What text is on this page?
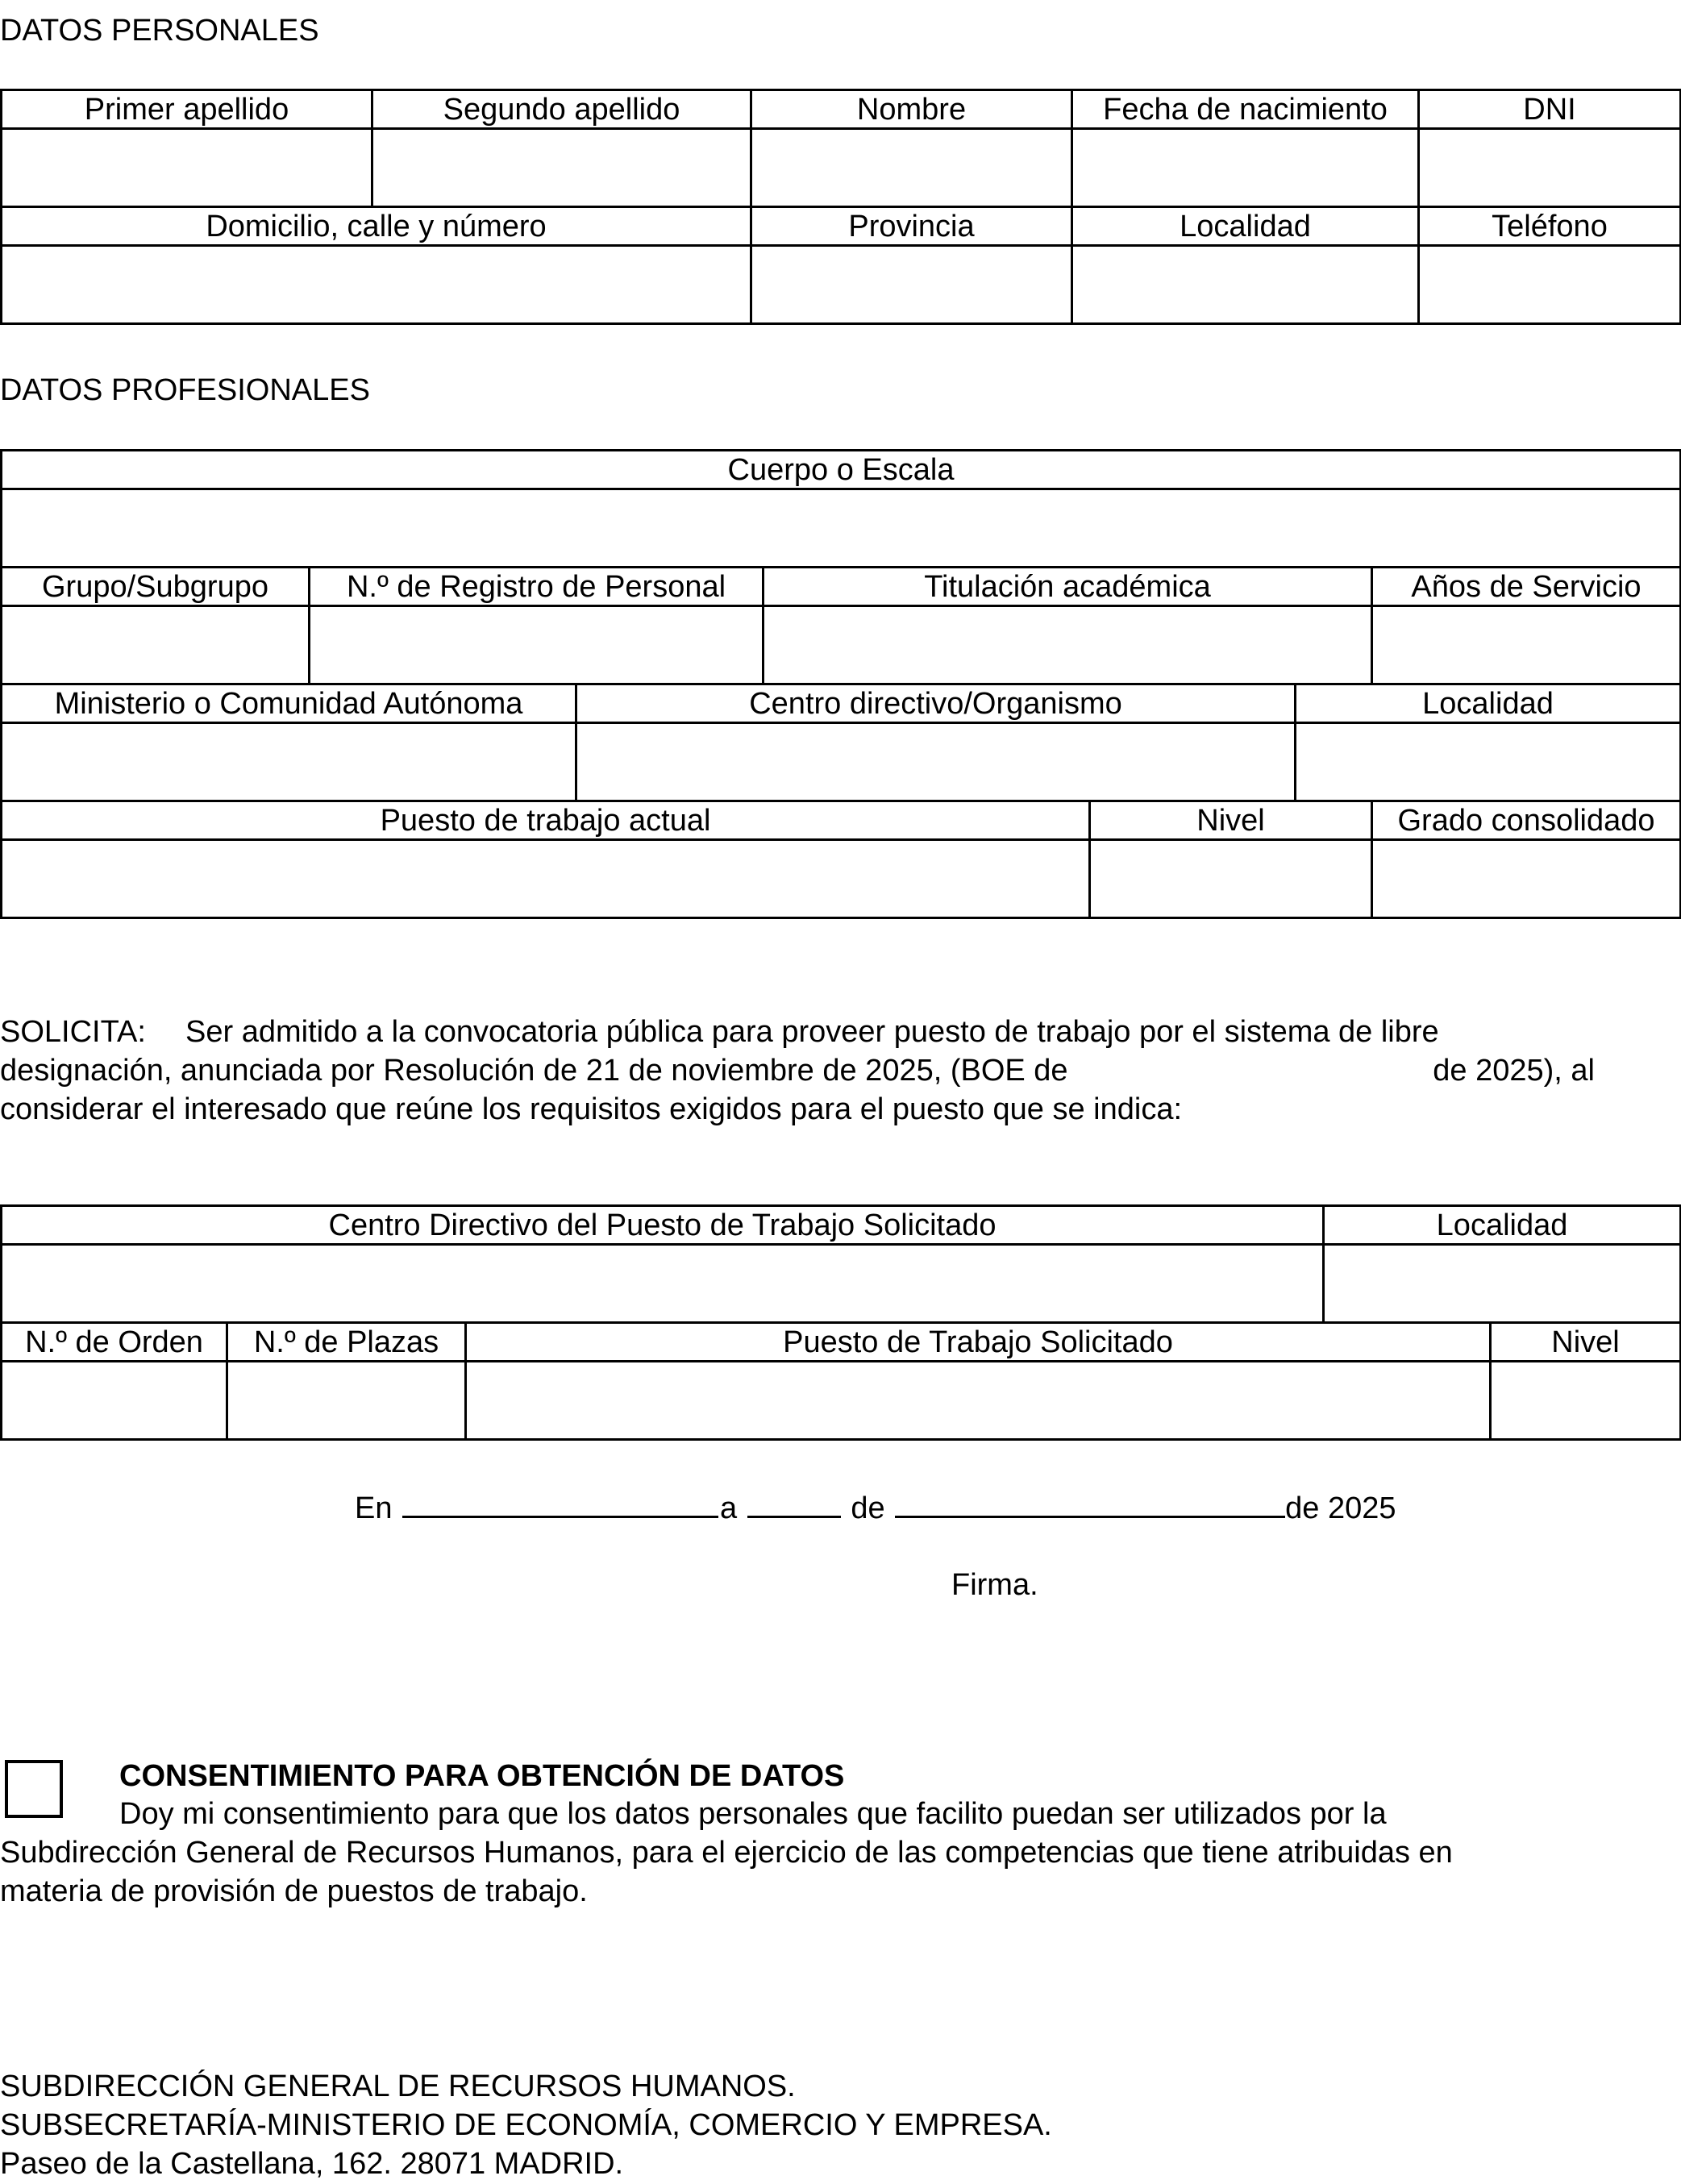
DATOS PERSONALES
Primer apellido	Segundo apellido	Nombre	Fecha de nacimiento	DNI

Domicilio, calle y número		Provincia	Localidad	Teléfono

DATOS PROFESIONALES
Cuerpo o Escala						

Grupo/Subgrupo	N.º de Registro de Personal		Titulación académica			Años de Servicio

Ministerio o Comunidad Autónoma		Centro directivo/Organismo			Localidad	

Puesto de trabajo actual				Nivel		Grado consolidado

SOLICITA: Ser admitido a la convocatoria pública para proveer puesto de trabajo por el sistema de libre
designación, anunciada por Resolución de 21 de noviembre de 2025, (BOE de	de 2025), al
considerar el interesado que reúne los requisitos exigidos para el puesto que se indica:
Centro Directivo del Puesto de Trabajo Solicitado			Localidad	

N.º de Orden	N.º de Plazas	Puesto de Trabajo Solicitado		Nivel

En	a	de	de 2025
Firma.
CONSENTIMIENTO PARA OBTENCIÓN DE DATOS
Doy mi consentimiento para que los datos personales que facilito puedan ser utilizados por la
Subdirección General de Recursos Humanos, para el ejercicio de las competencias que tiene atribuidas en
materia de provisión de puestos de trabajo.
SUBDIRECCIÓN GENERAL DE RECURSOS HUMANOS.
SUBSECRETARÍA-MINISTERIO DE ECONOMÍA, COMERCIO Y EMPRESA.
Paseo de la Castellana, 162. 28071 MADRID.
